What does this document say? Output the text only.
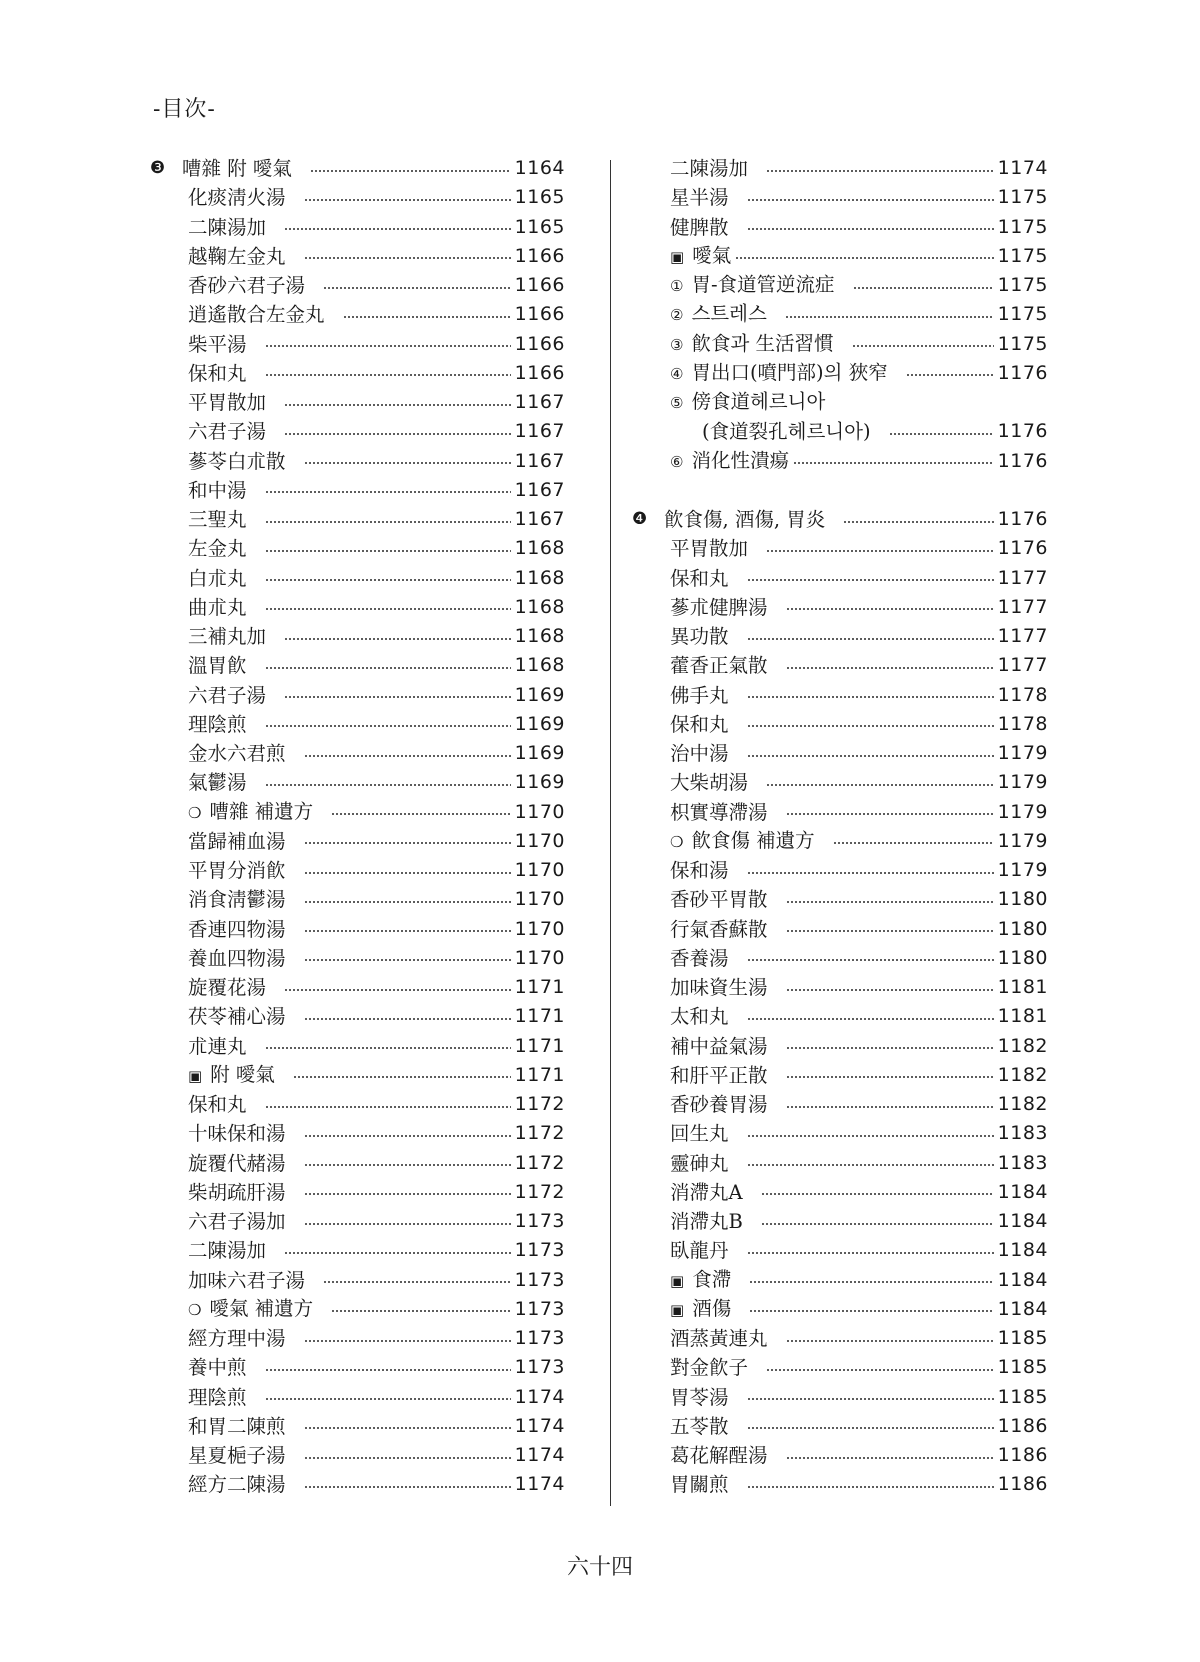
-目次-
❸ 嘈雜 附 噯氣	1164
化痰淸火湯	1165
二陳湯加	1165
越鞠左金丸	1166
香砂六君子湯	1166
逍遙散合左金丸	1166
柴平湯	1166
保和丸	1166
平胃散加	1167
六君子湯	1167
蔘苓白朮散	1167
和中湯	1167
三聖丸	1167
左金丸	1168
白朮丸	1168
曲朮丸	1168
三補丸加	1168
溫胃飮	1168
六君子湯	1169
理陰煎	1169
金水六君煎	1169
氣鬱湯	1169
❍ 嘈雜 補遺方	1170
當歸補血湯	1170
平胃分消飮	1170
消食淸鬱湯	1170
香連四物湯	1170
養血四物湯	1170
旋覆花湯	1171
茯苓補心湯	1171
朮連丸	1171
▣ 附 噯氣	1171
保和丸	1172
十味保和湯	1172
旋覆代赭湯	1172
柴胡疏肝湯	1172
六君子湯加	1173
二陳湯加	1173
加味六君子湯	1173
❍ 噯氣 補遺方	1173
經方理中湯	1173
養中煎	1173
理陰煎	1174
和胃二陳煎	1174
星夏梔子湯	1174
經方二陳湯	1174
二陳湯加	1174
星半湯	1175
健脾散	1175
▣ 噯氣	1175
① 胃-食道管逆流症	1175
② 스트레스	1175
③ 飮食과 生活習慣	1175
④ 胃出口(噴門部)의 狹窄	1176
⑤ 傍食道헤르니아
(食道裂孔헤르니아)	1176
⑥ 消化性潰瘍	1176
❹ 飮食傷, 酒傷, 胃炎	1176
平胃散加	1176
保和丸	1177
蔘朮健脾湯	1177
異功散	1177
藿香正氣散	1177
佛手丸	1178
保和丸	1178
治中湯	1179
大柴胡湯	1179
枳實導滯湯	1179
❍ 飮食傷 補遺方	1179
保和湯	1179
香砂平胃散	1180
行氣香蘇散	1180
香養湯	1180
加味資生湯	1181
太和丸	1181
補中益氣湯	1182
和肝平正散	1182
香砂養胃湯	1182
回生丸	1183
靈砷丸	1183
消滯丸A	1184
消滯丸B	1184
臥龍丹	1184
▣ 食滯	1184
▣ 酒傷	1184
酒蒸黃連丸	1185
對金飮子	1185
胃苓湯	1185
五苓散	1186
葛花解酲湯	1186
胃關煎	1186
六十四
